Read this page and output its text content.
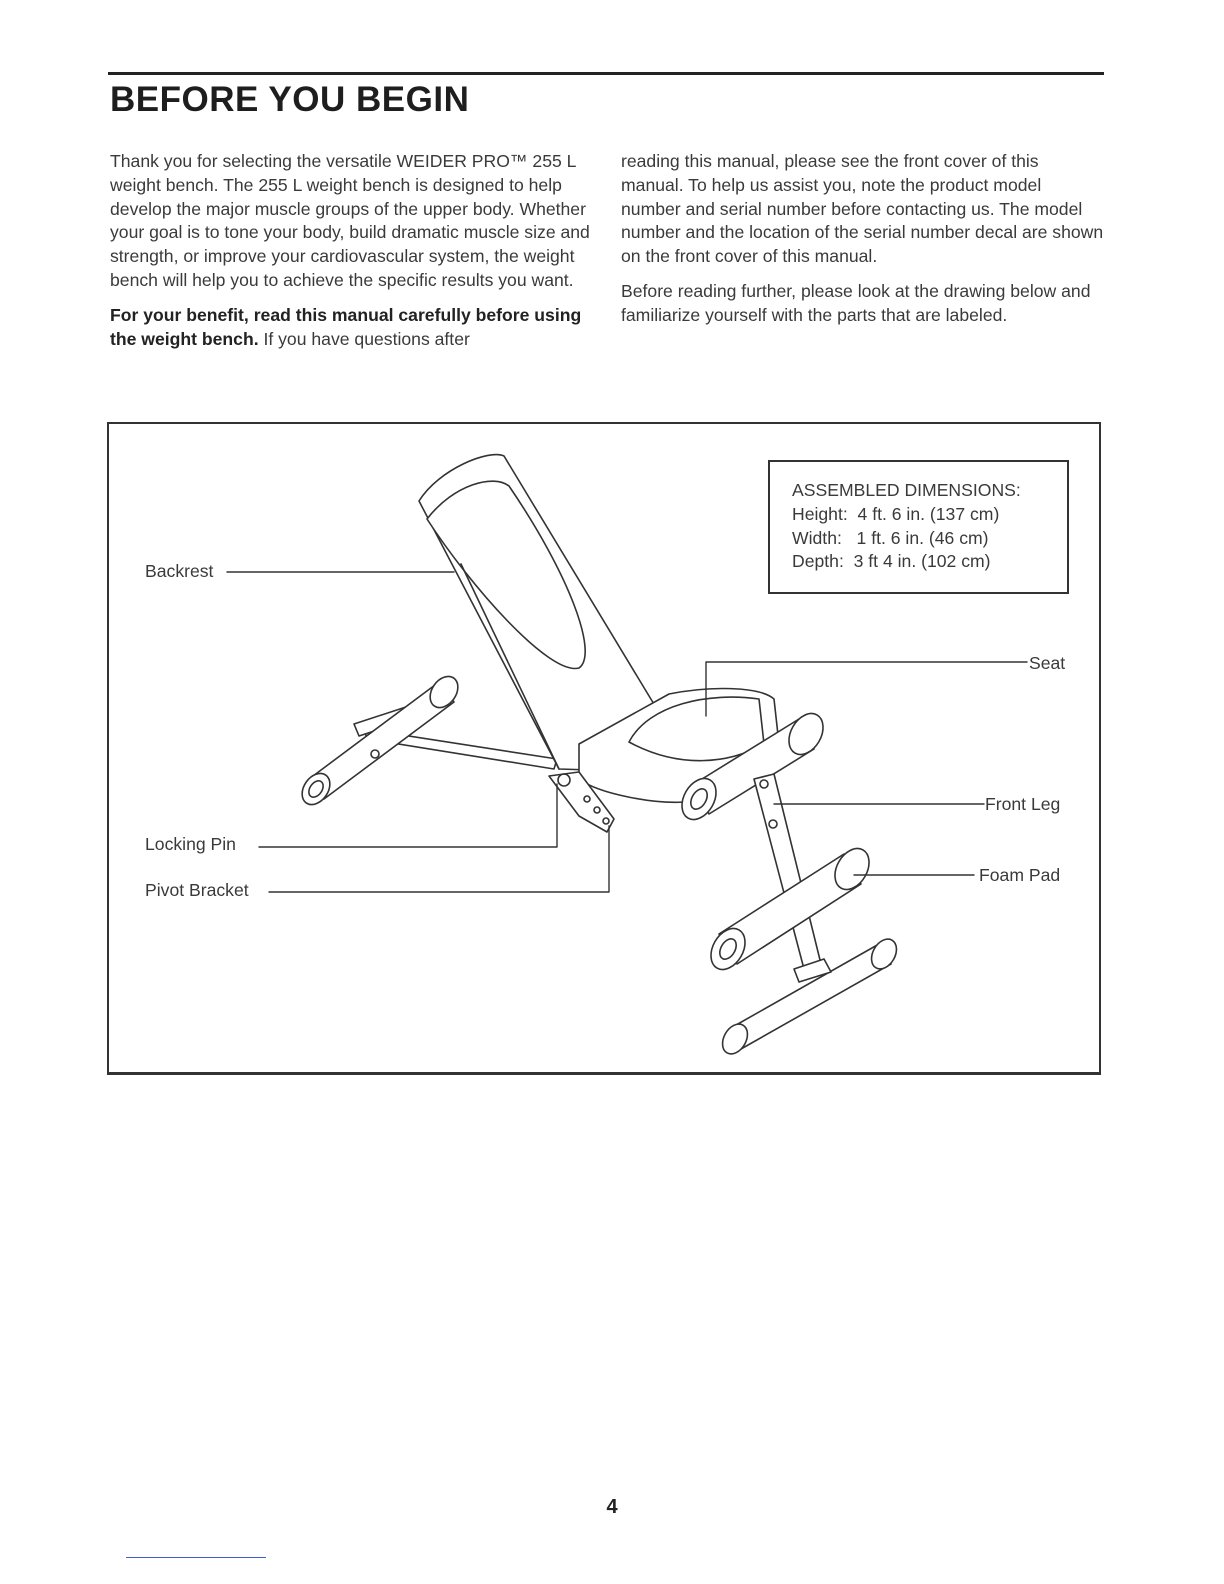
BEFORE YOU BEGIN

Thank you for selecting the versatile WEIDER PRO™ 255 L weight bench. The 255 L weight bench is designed to help develop the major muscle groups of the upper body. Whether your goal is to tone your body, build dramatic muscle size and strength, or improve your cardiovascular system, the weight bench will help you to achieve the specific results you want.

For your benefit, read this manual carefully before using the weight bench. If you have questions after

reading this manual, please see the front cover of this manual. To help us assist you, note the product model number and serial number before contacting us. The model number and the location of the serial number decal are shown on the front cover of this manual.

Before reading further, please look at the drawing below and familiarize yourself with the parts that are labeled.

ASSEMBLED DIMENSIONS:
Height:  4 ft. 6 in. (137 cm)
Width:   1 ft. 6 in. (46 cm)
Depth:  3 ft 4 in. (102 cm)
Backrest
Seat
Front Leg
Foam Pad
Locking Pin
Pivot Bracket
4
